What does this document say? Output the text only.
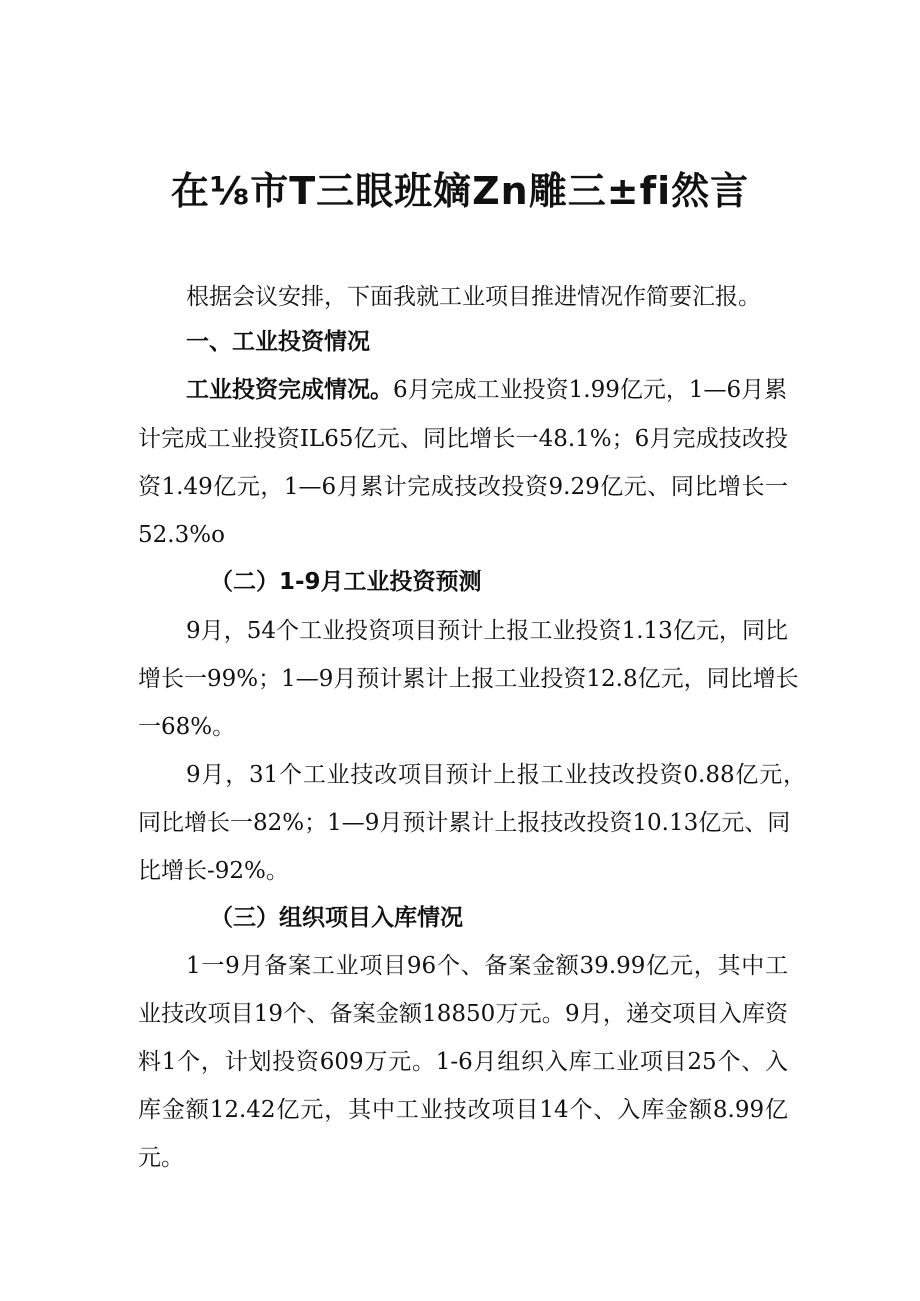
在⅛市T三眼班嫡Zn雕三±fi然言
根据会议安排，下面我就工业项目推进情况作简要汇报。
一、工业投资情况
工业投资完成情况。6月完成工业投资1.99亿元，1—6月累
计完成工业投资IL65亿元、同比增长一48.1%；6月完成技改投
资1.49亿元，1—6月累计完成技改投资9.29亿元、同比增长一
52.3%o
（二）1-9月工业投资预测
9月，54个工业投资项目预计上报工业投资1.13亿元，同比
增长一99%；1—9月预计累计上报工业投资12.8亿元，同比增长
一68%。
9月，31个工业技改项目预计上报工业技改投资0.88亿元，
同比增长一82%；1—9月预计累计上报技改投资10.13亿元、同
比增长-92%。
（三）组织项目入库情况
1一9月备案工业项目96个、备案金额39.99亿元，其中工
业技改项目19个、备案金额18850万元。9月，递交项目入库资
料1个，计划投资609万元。1-6月组织入库工业项目25个、入
库金额12.42亿元，其中工业技改项目14个、入库金额8.99亿
元。
